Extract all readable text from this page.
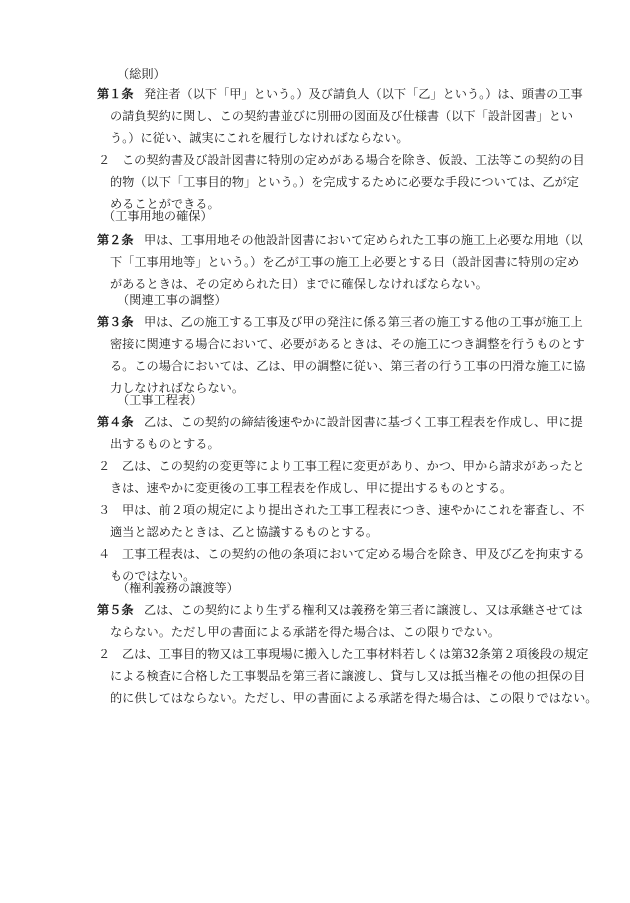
（総則）
第１条 発注者（以下「甲」という。）及び請負人（以下「乙」という。）は、頭書の工事
の請負契約に関し、この契約書並びに別冊の図面及び仕様書（以下「設計図書」とい
う。）に従い、誠実にこれを履行しなければならない。
２ この契約書及び設計図書に特別の定めがある場合を除き、仮設、工法等この契約の目
的物（以下「工事目的物」という。）を完成するために必要な手段については、乙が定
めることができる。
（工事用地の確保）
第２条 甲は、工事用地その他設計図書において定められた工事の施工上必要な用地（以
下「工事用地等」という。）を乙が工事の施工上必要とする日（設計図書に特別の定め
があるときは、その定められた日）までに確保しなければならない。
（関連工事の調整）
第３条 甲は、乙の施工する工事及び甲の発注に係る第三者の施工する他の工事が施工上
密接に関連する場合において、必要があるときは、その施工につき調整を行うものとす
る。この場合においては、乙は、甲の調整に従い、第三者の行う工事の円滑な施工に協
力しなければならない。
（工事工程表）
第４条 乙は、この契約の締結後速やかに設計図書に基づく工事工程表を作成し、甲に提
出するものとする。
２ 乙は、この契約の変更等により工事工程に変更があり、かつ、甲から請求があったと
きは、速やかに変更後の工事工程表を作成し、甲に提出するものとする。
３ 甲は、前２項の規定により提出された工事工程表につき、速やかにこれを審査し、不
適当と認めたときは、乙と協議するものとする。
４ 工事工程表は、この契約の他の条項において定める場合を除き、甲及び乙を拘束する
ものではない。
（権利義務の譲渡等）
第５条 乙は、この契約により生ずる権利又は義務を第三者に譲渡し、又は承継させては
ならない。ただし甲の書面による承諾を得た場合は、この限りでない。
２ 乙は、工事目的物又は工事現場に搬入した工事材料若しくは第32条第２項後段の規定
による検査に合格した工事製品を第三者に譲渡し、貸与し又は抵当権その他の担保の目
的に供してはならない。ただし、甲の書面による承諾を得た場合は、この限りではない。
